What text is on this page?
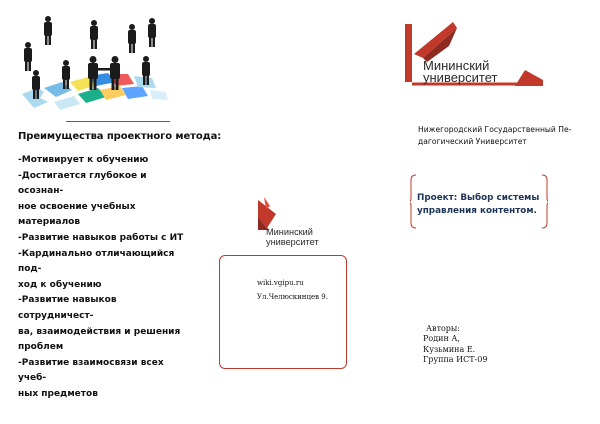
Преимущества проектного метода:
-Мотивирует к обучению
-Достигается глубокое и осознан-
ное освоение учебных материалов
-Развитие навыков работы с ИТ
-Кардинально отличающийся под-
ход к обучению
-Развитие навыков сотрудничест-
ва, взаимодействия и решения
проблем
-Развитие взаимосвязи всех учеб-
ных предметов
Мининский
университет
wiki.vgipu.ru
Ул.Челюскинцев 9.
Мининский
университет

Нижегородский Государственный Пе-
дагогический Университет

Проект: Выбор системы
управления контентом.

Авторы:
Родин А,
Кузьмина Е.
Группа ИСТ-09
